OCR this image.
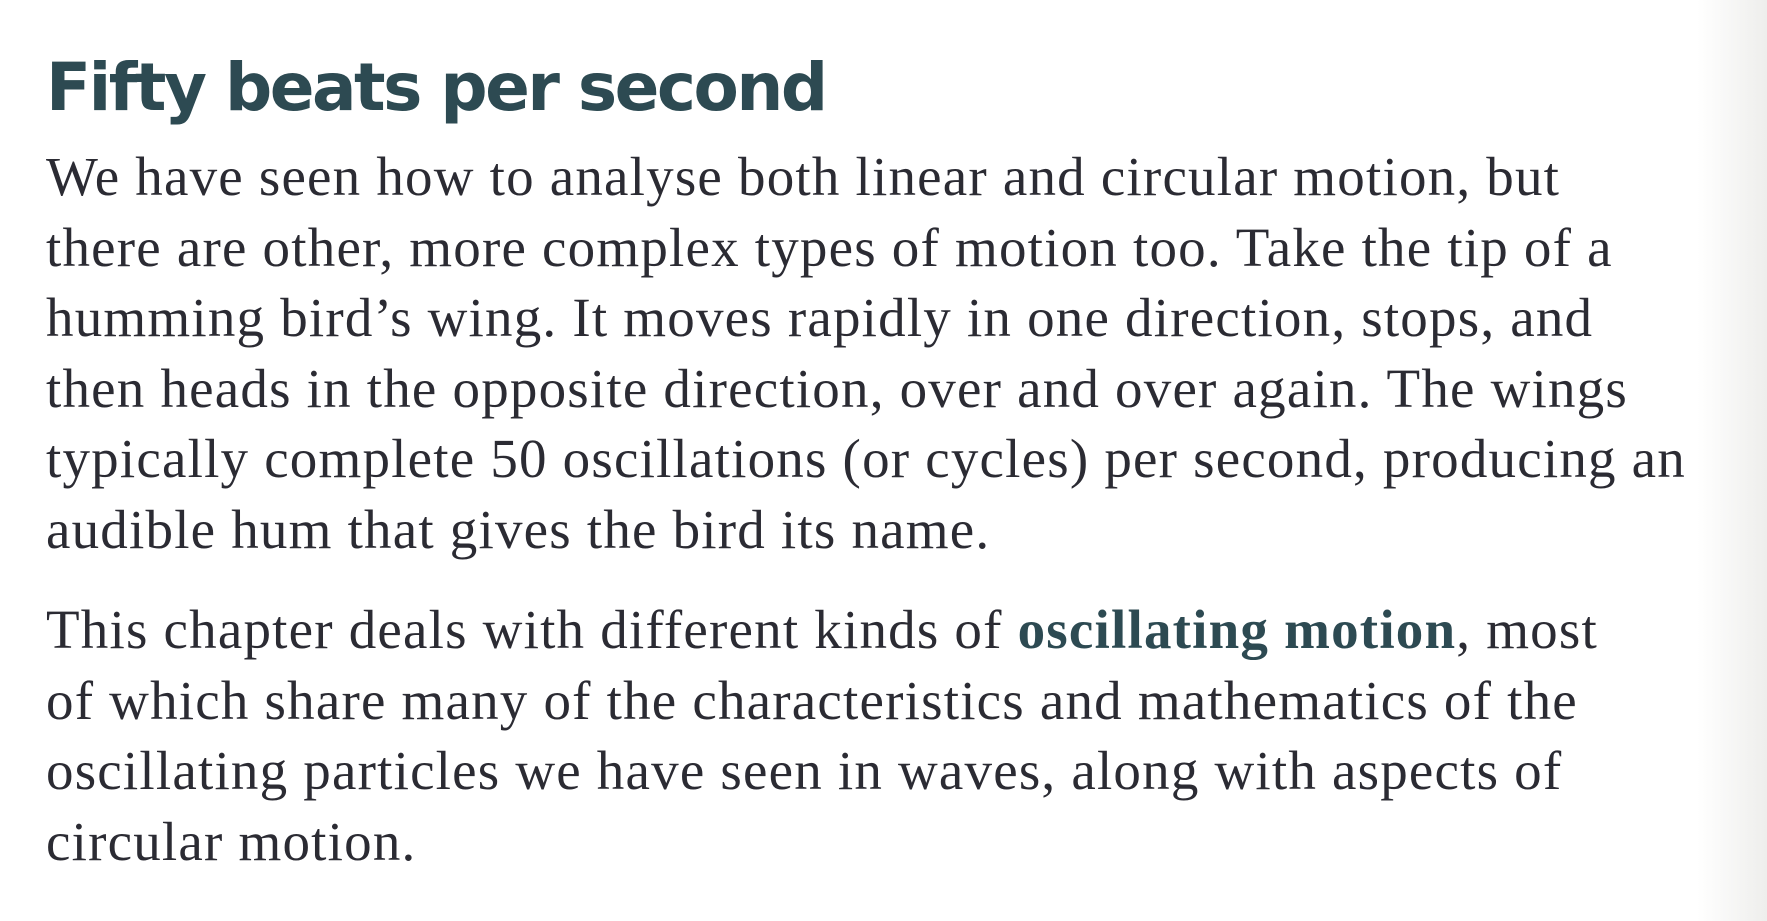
Fifty beats per second

We have seen how to analyse both linear and circular motion, but
there are other, more complex types of motion too. Take the tip of a
humming bird’s wing. It moves rapidly in one direction, stops, and
then heads in the opposite direction, over and over again. The wings
typically complete 50 oscillations (or cycles) per second, producing an
audible hum that gives the bird its name.

This chapter deals with different kinds of oscillating motion, most
of which share many of the characteristics and mathematics of the
oscillating particles we have seen in waves, along with aspects of
circular motion.
